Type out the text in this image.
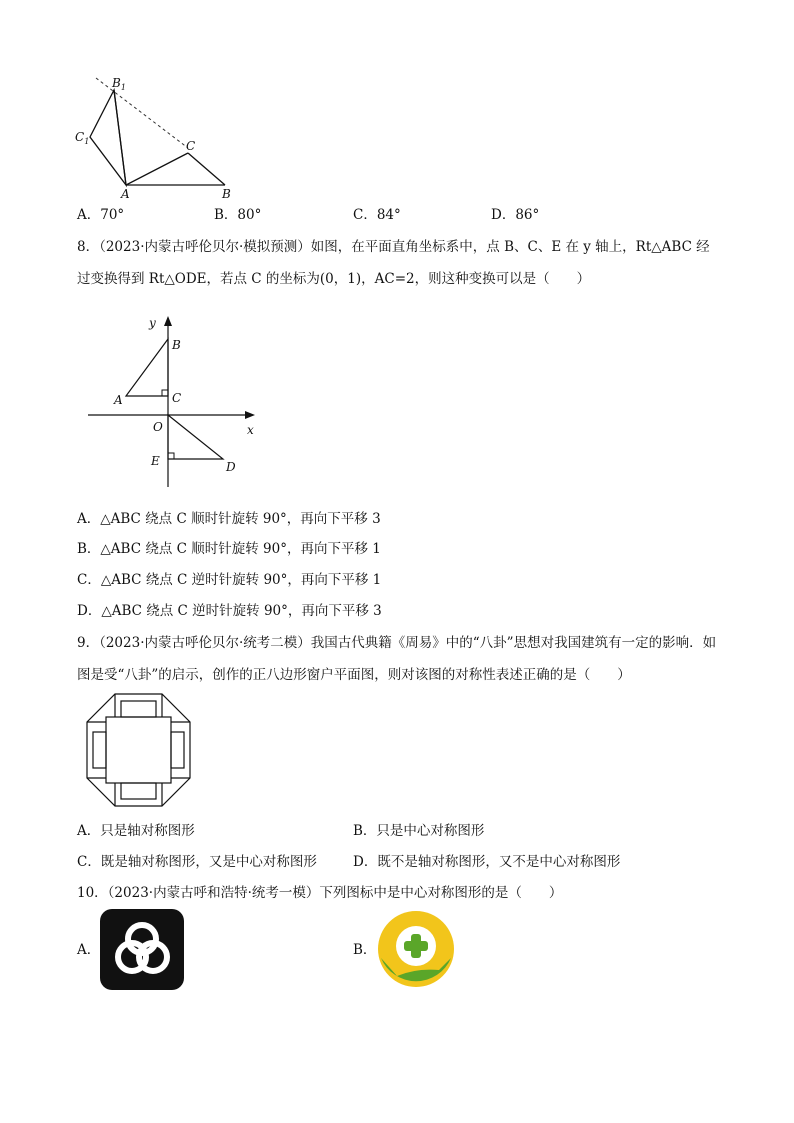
$B_1$
$C_1$	C
A	B
A．70°	B．80°	C．84°	D．86°
8．（2023·内蒙古呼伦贝尔·模拟预测）如图，在平面直角坐标系中，点 B、C、E 在 y 轴上，Rt△ABC 经
过变换得到 Rt△ODE，若点 C 的坐标为(0，1)，AC=2，则这种变换可以是（　　）
y
x
B
A	C
O
E	D
A．△ABC 绕点 C 顺时针旋转 90°，再向下平移 3
B．△ABC 绕点 C 顺时针旋转 90°，再向下平移 1
C．△ABC 绕点 C 逆时针旋转 90°，再向下平移 1
D．△ABC 绕点 C 逆时针旋转 90°，再向下平移 3
9．（2023·内蒙古呼伦贝尔·统考二模）我国古代典籍《周易》中的“八卦”思想对我国建筑有一定的影响．如
图是受“八卦”的启示，创作的正八边形窗户平面图，则对该图的对称性表述正确的是（　　）
A．只是轴对称图形	B．只是中心对称图形
C．既是轴对称图形，又是中心对称图形	D．既不是轴对称图形，又不是中心对称图形
10．（2023·内蒙古呼和浩特·统考一模）下列图标中是中心对称图形的是（　　）
A．	B．
